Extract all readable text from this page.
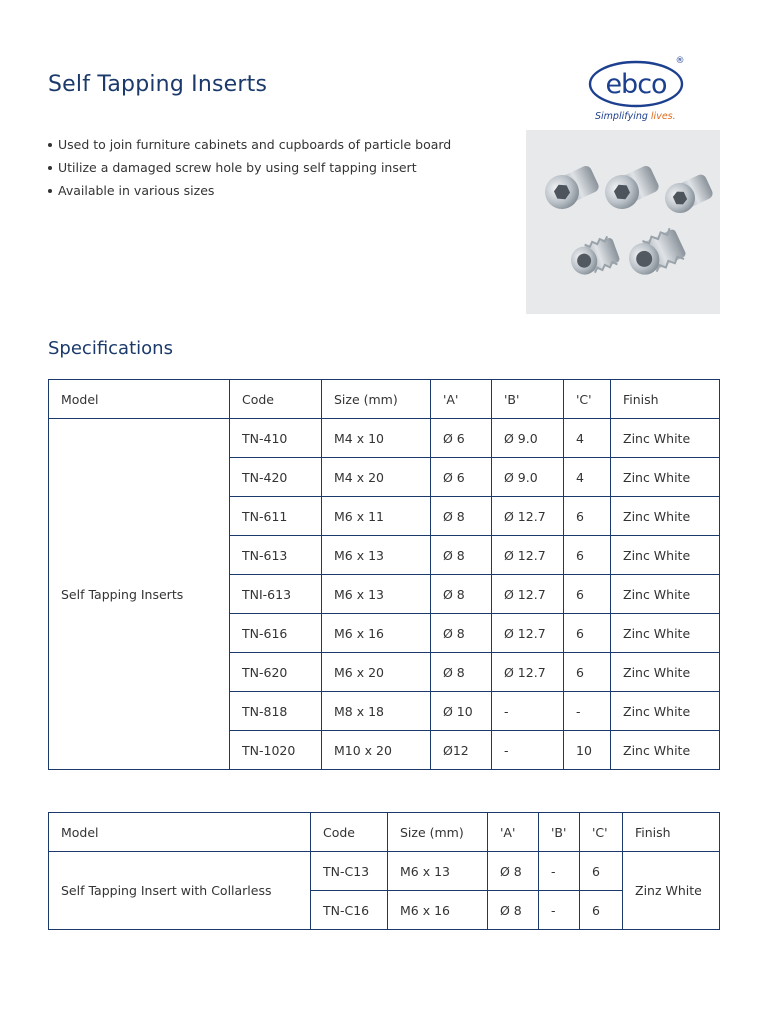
Self Tapping Inserts	ebco
®
Simplifying lives.
Used to join furniture cabinets and cupboards of particle board
Utilize a damaged screw hole by using self tapping insert
Available in various sizes
Specifications
Model	Code	Size (mm)	'A'	'B'	'C'	Finish
Self Tapping Inserts	TN-410	M4 x 10	Ø 6	Ø 9.0	4	Zinc White
	TN-420	M4 x 20	Ø 6	Ø 9.0	4	Zinc White
	TN-611	M6 x 11	Ø 8	Ø 12.7	6	Zinc White
	TN-613	M6 x 13	Ø 8	Ø 12.7	6	Zinc White
	TNI-613	M6 x 13	Ø 8	Ø 12.7	6	Zinc White
	TN-616	M6 x 16	Ø 8	Ø 12.7	6	Zinc White
	TN-620	M6 x 20	Ø 8	Ø 12.7	6	Zinc White
	TN-818	M8 x 18	Ø 10	-	-	Zinc White
	TN-1020	M10 x 20	Ø12	-	10	Zinc White
Model	Code	Size (mm)	'A'	'B'	'C'	Finish
Self Tapping Insert with Collarless	TN-C13	M6 x 13	Ø 8	-	6	Zinz White
	TN-C16	M6 x 16	Ø 8	-	6	
